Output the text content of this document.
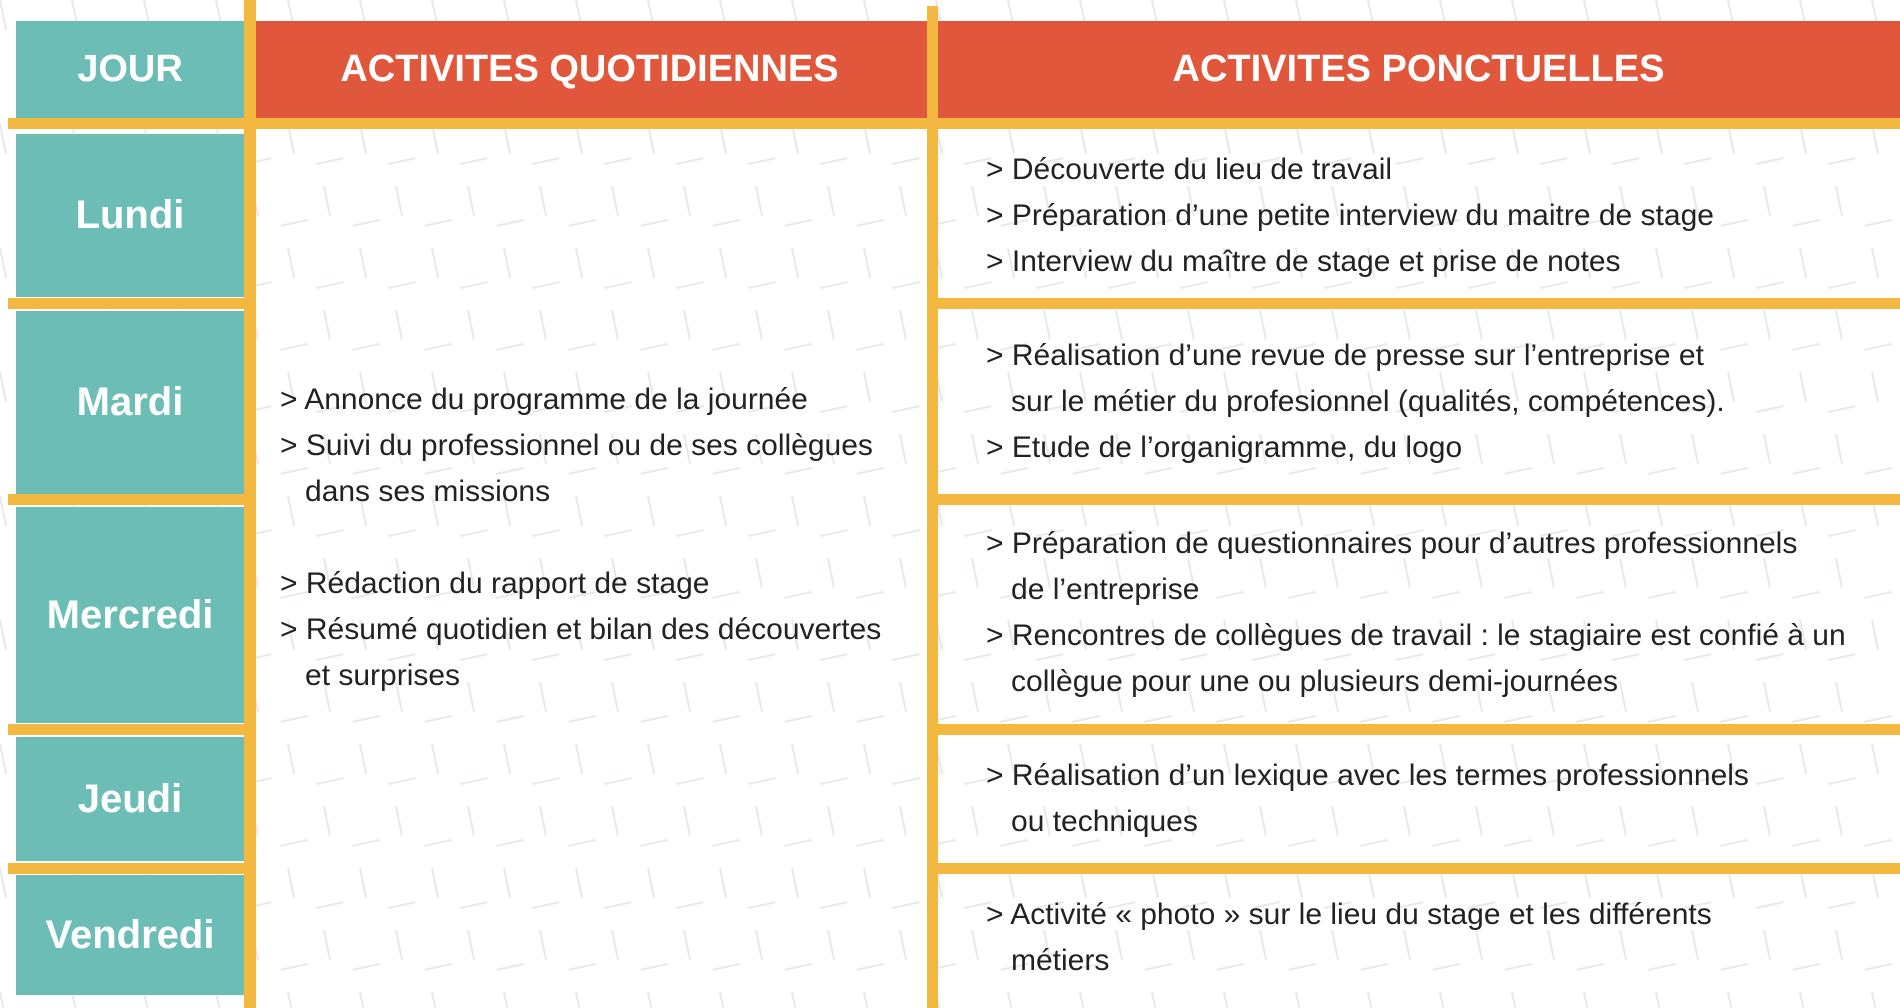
JOUR	ACTIVITES QUOTIDIENNES	ACTIVITES PONCTUELLES
Lundi
Mardi
Mercredi
Jeudi
Vendredi
> Annonce du programme de la journée
> Suivi du professionnel ou de ses collègues
dans ses missions
> Rédaction du rapport de stage
> Résumé quotidien et bilan des découvertes
et surprises
> Découverte du lieu de travail
> Préparation d’une petite interview du maitre de stage
> Interview du maître de stage et prise de notes
> Réalisation d’une revue de presse sur l’entreprise et
sur le métier du profesionnel (qualités, compétences).
> Etude de l’organigramme, du logo
> Préparation de questionnaires pour d’autres professionnels
de l’entreprise
> Rencontres de collègues de travail : le stagiaire est confié à un
collègue pour une ou plusieurs demi-journées
> Réalisation d’un lexique avec les termes professionnels
ou techniques
> Activité « photo » sur le lieu du stage et les différents
métiers
